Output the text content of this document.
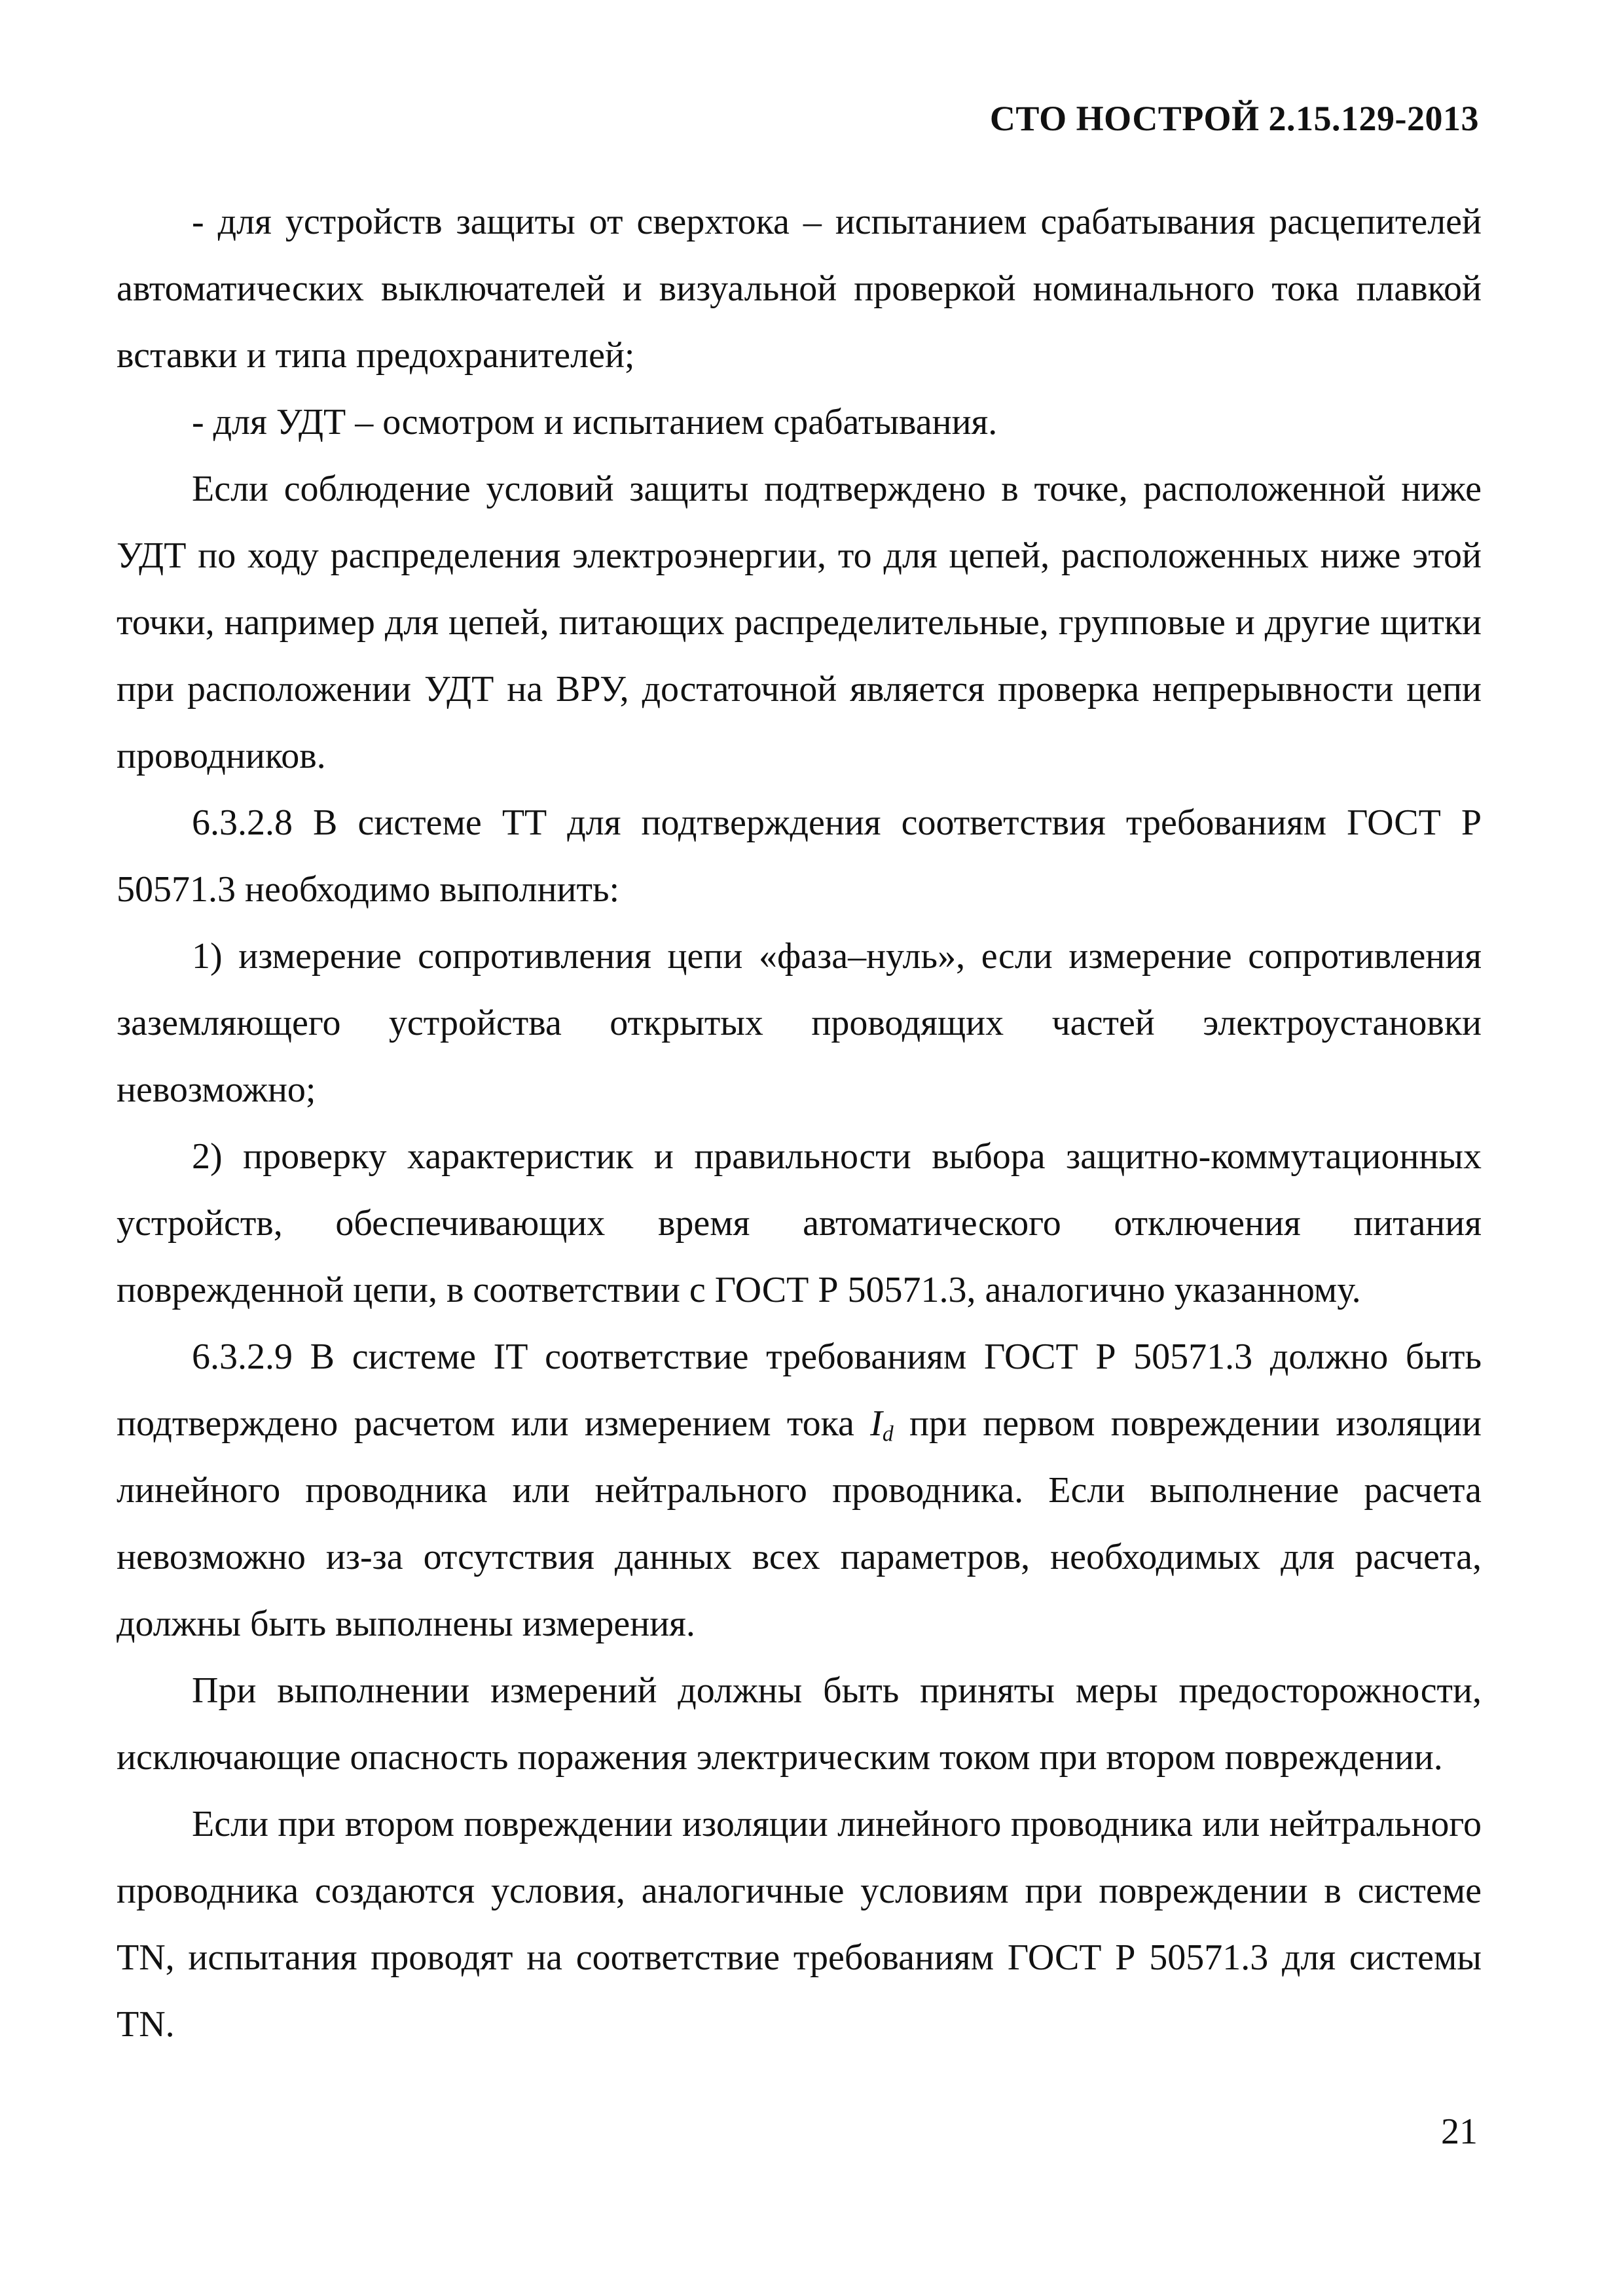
СТО НОСТРОЙ 2.15.129-2013

- для устройств защиты от сверхтока – испытанием срабатывания расцепителей автоматических выключателей и визуальной проверкой номинального тока плавкой вставки и типа предохранителей;

- для УДТ – осмотром и испытанием срабатывания.

Если соблюдение условий защиты подтверждено в точке, расположенной ниже УДТ по ходу распределения электроэнергии, то для цепей, расположенных ниже этой точки, например для цепей, питающих распределительные, групповые и другие щитки при расположении УДТ на ВРУ, достаточной является проверка непрерывности цепи проводников.

6.3.2.8 В системе ТТ для подтверждения соответствия требованиям ГОСТ Р 50571.3 необходимо выполнить:

1) измерение сопротивления цепи «фаза–нуль», если измерение сопротивления заземляющего устройства открытых проводящих частей электроустановки невозможно;

2) проверку характеристик и правильности выбора защитно-коммутационных устройств, обеспечивающих время автоматического отключения питания поврежденной цепи, в соответствии с ГОСТ Р 50571.3, аналогично указанному.

6.3.2.9 В системе IT соответствие требованиям ГОСТ Р 50571.3 должно быть подтверждено расчетом или измерением тока $I_d$ при первом повреждении изоляции линейного проводника или нейтрального проводника. Если выполнение расчета невозможно из-за отсутствия данных всех параметров, необходимых для расчета, должны быть выполнены измерения.

При выполнении измерений должны быть приняты меры предосторожности, исключающие опасность поражения электрическим током при втором повреждении.

Если при втором повреждении изоляции линейного проводника или нейтрального проводника создаются условия, аналогичные условиям при повреждении в системе TN, испытания проводят на соответствие требованиям ГОСТ Р 50571.3 для системы TN.

21
